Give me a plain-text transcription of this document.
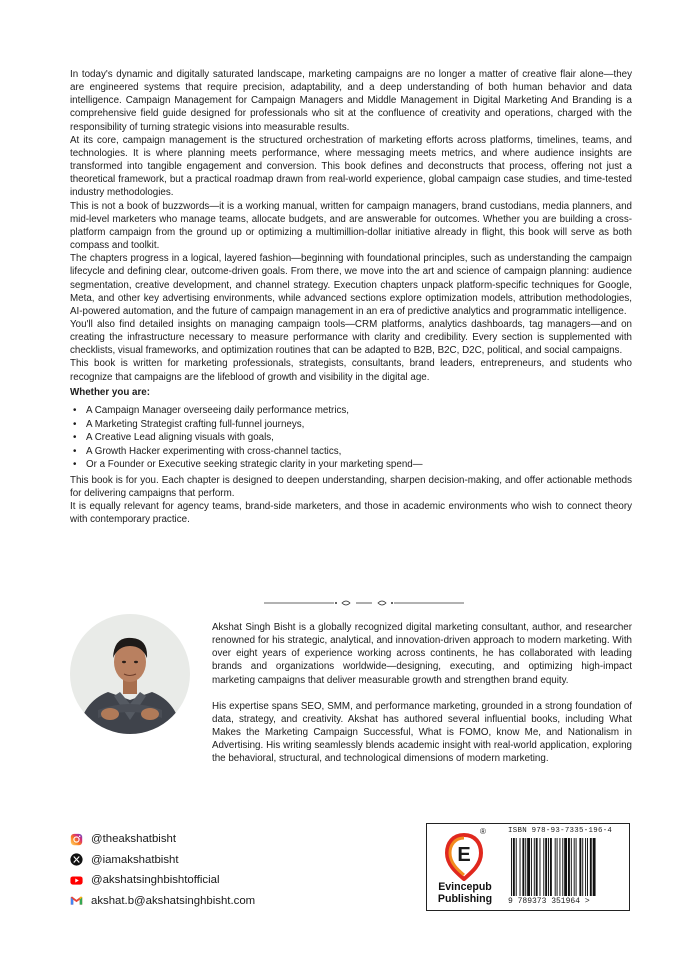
In today's dynamic and digitally saturated landscape, marketing campaigns are no longer a matter of creative flair alone—they are engineered systems that require precision, adaptability, and a deep understanding of both human behavior and data intelligence. Campaign Management for Campaign Managers and Middle Management in Digital Marketing And Branding is a comprehensive field guide designed for professionals who sit at the confluence of creativity and operations, charged with the responsibility of turning strategic visions into measurable results.

At its core, campaign management is the structured orchestration of marketing efforts across platforms, timelines, teams, and technologies. It is where planning meets performance, where messaging meets metrics, and where audience insights are transformed into tangible engagement and conversion. This book defines and deconstructs that process, offering not just a theoretical framework, but a practical roadmap drawn from real-world experience, global campaign case studies, and time-tested industry methodologies.

This is not a book of buzzwords—it is a working manual, written for campaign managers, brand custodians, media planners, and mid-level marketers who manage teams, allocate budgets, and are answerable for outcomes. Whether you are building a cross-platform campaign from the ground up or optimizing a multimillion-dollar initiative already in flight, this book will serve as both compass and toolkit.

The chapters progress in a logical, layered fashion—beginning with foundational principles, such as understanding the campaign lifecycle and defining clear, outcome-driven goals. From there, we move into the art and science of campaign planning: audience segmentation, creative development, and channel strategy. Execution chapters unpack platform-specific techniques for Google, Meta, and other key advertising environments, while advanced sections explore optimization models, attribution methodologies, AI-powered automation, and the future of campaign management in an era of predictive analytics and programmatic intelligence.

You'll also find detailed insights on managing campaign tools—CRM platforms, analytics dashboards, tag managers—and on creating the infrastructure necessary to measure performance with clarity and credibility. Every section is supplemented with checklists, visual frameworks, and optimization routines that can be adapted to B2B, B2C, D2C, political, and social campaigns.

This book is written for marketing professionals, strategists, consultants, brand leaders, entrepreneurs, and students who recognize that campaigns are the lifeblood of growth and visibility in the digital age.

Whether you are:

• A Campaign Manager overseeing daily performance metrics,
• A Marketing Strategist crafting full-funnel journeys,
• A Creative Lead aligning visuals with goals,
• A Growth Hacker experimenting with cross-channel tactics,
• Or a Founder or Executive seeking strategic clarity in your marketing spend—

This book is for you. Each chapter is designed to deepen understanding, sharpen decision-making, and offer actionable methods for delivering campaigns that perform.

It is equally relevant for agency teams, brand-side marketers, and those in academic environments who wish to connect theory with contemporary practice.

Akshat Singh Bisht is a globally recognized digital marketing consultant, author, and researcher renowned for his strategic, analytical, and innovation-driven approach to modern marketing. With over eight years of experience working across continents, he has collaborated with leading brands and organizations worldwide—designing, executing, and optimizing high-impact marketing campaigns that deliver measurable growth and strengthen brand equity.

His expertise spans SEO, SMM, and performance marketing, grounded in a strong foundation of data, strategy, and creativity. Akshat has authored several influential books, including What Makes the Marketing Campaign Successful, What is FOMO, know Me, and Nationalism in Advertising. His writing seamlessly blends academic insight with real-world application, exploring the behavioral, structural, and technological dimensions of modern marketing.

@theakshatbisht
@iamakshatbisht
@akshatsinghbishtofficial
akshat.b@akshatsinghbisht.com
E
®
Evincepub
Publishing
ISBN 978-93-7335-196-4
9 789373 351964 >
